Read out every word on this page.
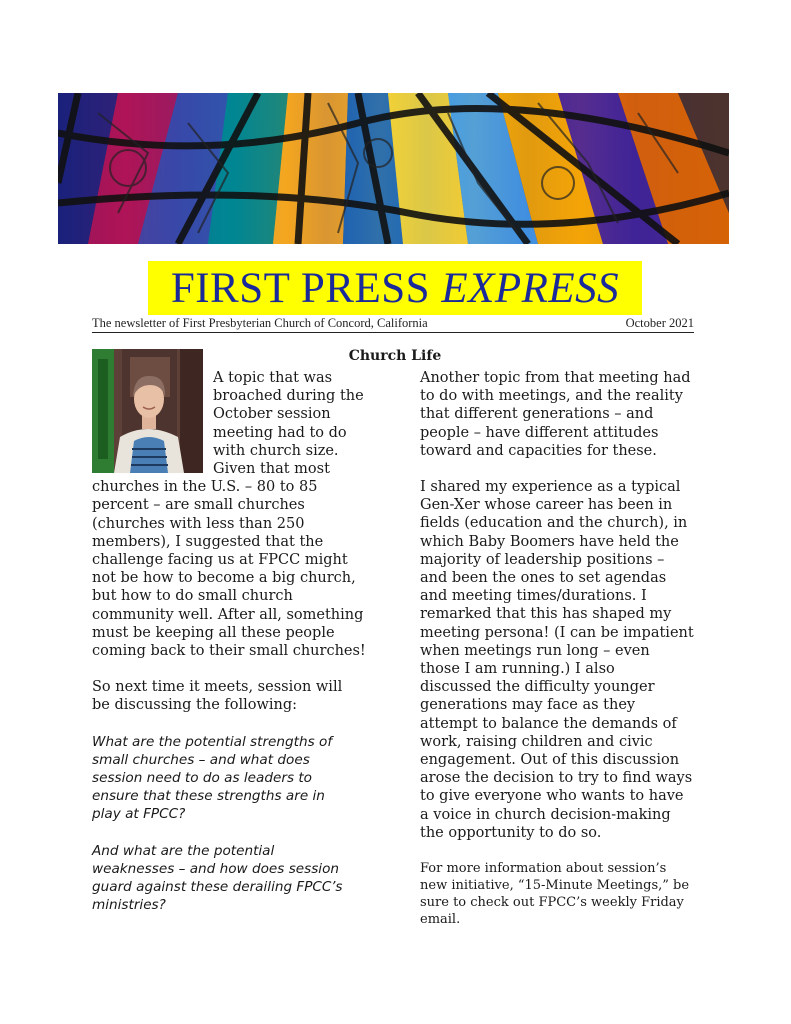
FIRST PRESS EXPRESS
The newsletter of First Presbyterian Church of Concord, California	October 2021
Church Life

A topic that was

broached during the

October session

meeting had to do

with church size.

Given that most

churches in the U.S. – 80 to 85

percent – are small churches

(churches with less than 250

members), I suggested that the

challenge facing us at FPCC might

not be how to become a big church,

but how to do small church

community well. After all, something

must be keeping all these people

coming back to their small churches!

So next time it meets, session will

be discussing the following:

What are the potential strengths of

small churches – and what does

session need to do as leaders to

ensure that these strengths are in

play at FPCC?

And what are the potential

weaknesses – and how does session

guard against these derailing FPCC’s

ministries?

Another topic from that meeting had

to do with meetings, and the reality

that different generations – and

people – have different attitudes

toward and capacities for these.

I shared my experience as a typical

Gen-Xer whose career has been in

fields (education and the church), in

which Baby Boomers have held the

majority of leadership positions –

and been the ones to set agendas

and meeting times/durations. I

remarked that this has shaped my

meeting persona! (I can be impatient

when meetings run long – even

those I am running.) I also

discussed the difficulty younger

generations may face as they

attempt to balance the demands of

work, raising children and civic

engagement. Out of this discussion

arose the decision to try to find ways

to give everyone who wants to have

a voice in church decision-making

the opportunity to do so.

For more information about session’s

new initiative, “15-Minute Meetings,” be

sure to check out FPCC’s weekly Friday

email.
